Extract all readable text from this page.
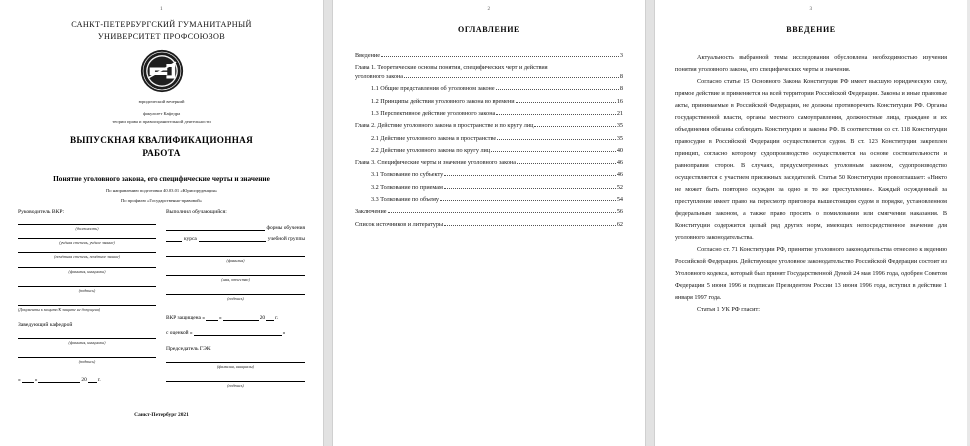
1
САНКТ-ПЕТЕРБУРГСКИЙ ГУМАНИТАРНЫЙ
УНИВЕРСИТЕТ ПРОФСОЮЗОВ
юридический вечерний
факультет Кафедра
теории права и правоохранительной деятельности
ВЫПУСКНАЯ КВАЛИФИКАЦИОННАЯ
РАБОТА
Понятие уголовного закона, его специфические черты и значение
По направлению подготовки 40.03.01 «Юриспруденция»
По профилю «Государственно-правовой»
Руководитель ВКР:
(должность)
(учёная степень, учёное звание)
(почётная степень, почётное звание)
(фамилия, инициалы)
(подпись)
(Документы к защите/К защите не допущена)
Заведующий кафедрой
(фамилия, инициалы)
(подпись)
«	»	20 г.
Выполнил обучающийся:
формы обучения
курса	учебной группы
(фамилия)
(имя, отчество)
(подпись)
ВКР защищена «	»	20 г.
с оценкой «	»
Председатель ГЭК
(фамилия, инициалы)
(подпись)
Санкт-Петербург 2021
2
ОГЛАВЛЕНИЕ
Введение	3
Глава 1. Теоретические основы понятия, специфических черт и действия
уголовного закона	8
1.1 Общие представления об уголовном законе	8
1.2 Принципы действия уголовного закона во времени	16
1.3 Перспективное действие уголовного закона	21
Глава 2. Действие уголовного закона в пространстве и по кругу лиц	35
2.1 Действие уголовного закона в пространстве	35
2.2 Действие уголовного закона по кругу лиц	40
Глава 3. Специфические черты и значение уголовного закона	46
3.1 Толкование по субъекту	46
3.2 Толкование по приемам	52
3.3 Толкование по объему	54
Заключение	56
Список источников и литературы	62
3
ВВЕДЕНИЕ

Актуальность выбранной темы исследования обусловлена необходимостью изучения понятия уголовного закона, его специфических черты и значения.

Согласно статье 15 Основного Закона Конституция РФ имеет высшую юридическую силу, прямое действие и применяется на всей территории Российской Федерации. Законы и иные правовые акты, принимаемые в Российской Федерации, не должны противоречить Конституции РФ. Органы государственной власти, органы местного самоуправления, должностные лица, граждане и их объединения обязаны соблюдать Конституцию и законы РФ. В соответствии со ст. 118 Конституции правосудие в Российской Федерации осуществляется судом. В ст. 123 Конституции закреплен принцип, согласно которому судопроизводство осуществляется на основе состязательности и равноправия сторон. В случаях, предусмотренных уголовным законом, судопроизводство осуществляется с участием присяжных заседателей. Статья 50 Конституции провозглашает: «Никто не может быть повторно осужден за одно и то же преступление». Каждый осужденный за преступление имеет право на пересмотр приговора вышестоящим судом в порядке, установленном федеральным законом, а также право просить о помиловании или смягчении наказания. В Конституции содержится целый ряд других норм, имеющих непосредственное значение для уголовного законодательства.

Согласно ст. 71 Конституции РФ, принятие уголовного законодательства отнесено к ведению Российской Федерации. Действующее уголовное законодательство Российской Федерации состоит из Уголовного кодекса, который был принят Государственной Думой 24 мая 1996 года, одобрен Советом Федерации 5 июня 1996 и подписан Президентом России 13 июня 1996 года, вступил в действие 1 января 1997 года.

Статья 1 УК РФ гласит:
